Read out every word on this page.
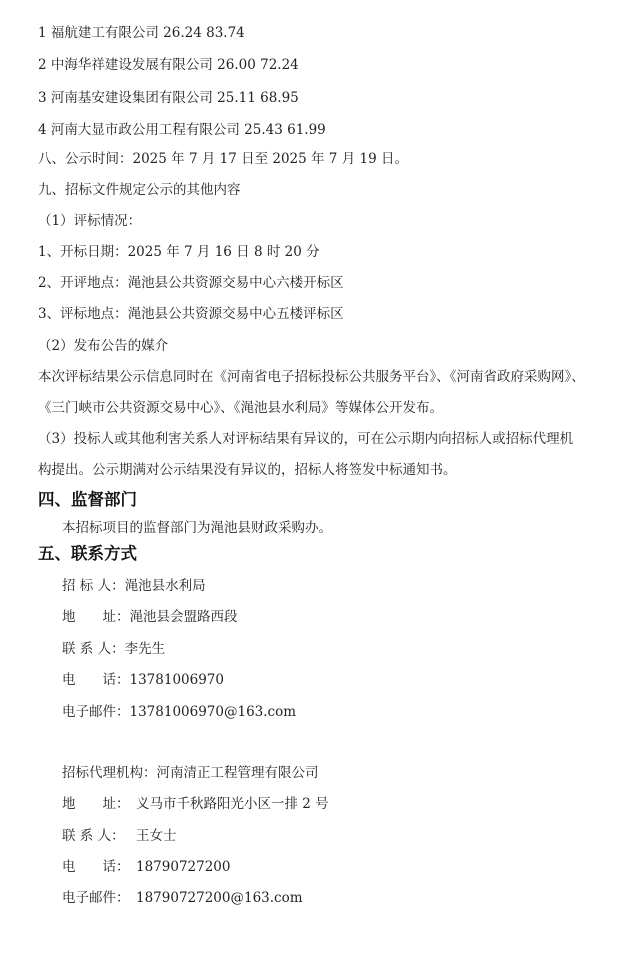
1 福航建工有限公司 26.24 83.74
2 中海华祥建设发展有限公司 26.00 72.24
3 河南基安建设集团有限公司 25.11 68.95
4 河南大显市政公用工程有限公司 25.43 61.99
八、公示时间：2025 年 7 月 17 日至 2025 年 7 月 19 日。
九、招标文件规定公示的其他内容
（1）评标情况：
1、开标日期：2025 年 7 月 16 日 8 时 20 分
2、开评地点：渑池县公共资源交易中心六楼开标区
3、评标地点：渑池县公共资源交易中心五楼评标区
（2）发布公告的媒介
本次评标结果公示信息同时在《河南省电子招标投标公共服务平台》、《河南省政府采购网》、
《三门峡市公共资源交易中心》、《渑池县水利局》等媒体公开发布。
（3）投标人或其他利害关系人对评标结果有异议的，可在公示期内向招标人或招标代理机
构提出。公示期满对公示结果没有异议的，招标人将签发中标通知书。
四、监督部门
本招标项目的监督部门为渑池县财政采购办。
五、联系方式
招 标 人：渑池县水利局
地　　址：渑池县会盟路西段
联 系 人：李先生
电　　话：13781006970
电子邮件：13781006970@163.com
招标代理机构：河南清正工程管理有限公司
地　　址： 义马市千秋路阳光小区一排 2 号
联 系 人： 王女士
电　　话： 18790727200
电子邮件： 18790727200@163.com
